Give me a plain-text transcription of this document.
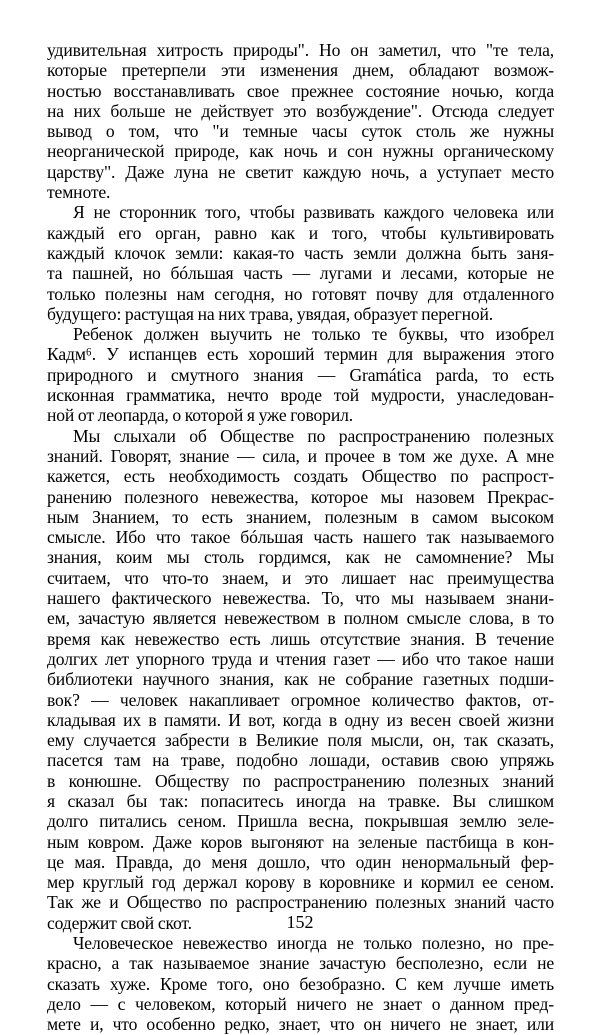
удивительная хитрость природы". Но он заметил, что "те тела,
которые претерпели эти изменения днем, обладают возмож-
ностью восстанавливать свое прежнее состояние ночью, когда
на них больше не действует это возбуждение". Отсюда следует
вывод о том, что "и темные часы суток столь же нужны
неорганической природе, как ночь и сон нужны органическому
царству". Даже луна не светит каждую ночь, а уступает место
темноте.
Я не сторонник того, чтобы развивать каждого человека или
каждый его орган, равно как и того, чтобы культивировать
каждый клочок земли: какая-то часть земли должна быть заня-
та пашней, но бóльшая часть — лугами и лесами, которые не
только полезны нам сегодня, но готовят почву для отдаленного
будущего: растущая на них трава, увядая, образует перегной.
Ребенок должен выучить не только те буквы, что изобрел
Кадм⁶. У испанцев есть хороший термин для выражения этого
природного и смутного знания — Gramática parda, то есть
исконная грамматика, нечто вроде той мудрости, унаследован-
ной от леопарда, о которой я уже говорил.
Мы слыхали об Обществе по распространению полезных
знаний. Говорят, знание — сила, и прочее в том же духе. А мне
кажется, есть необходимость создать Общество по распрост-
ранению полезного невежества, которое мы назовем Прекрас-
ным Знанием, то есть знанием, полезным в самом высоком
смысле. Ибо что такое бóльшая часть нашего так называемого
знания, коим мы столь гордимся, как не самомнение? Мы
считаем, что что-то знаем, и это лишает нас преимущества
нашего фактического невежества. То, что мы называем знани-
ем, зачастую является невежеством в полном смысле слова, в то
время как невежество есть лишь отсутствие знания. В течение
долгих лет упорного труда и чтения газет — ибо что такое наши
библиотеки научного знания, как не собрание газетных подши-
вок? — человек накапливает огромное количество фактов, от-
кладывая их в памяти. И вот, когда в одну из весен своей жизни
ему случается забрести в Великие поля мысли, он, так сказать,
пасется там на траве, подобно лошади, оставив свою упряжь
в конюшне. Обществу по распространению полезных знаний
я сказал бы так: попаситесь иногда на травке. Вы слишком
долго питались сеном. Пришла весна, покрывшая землю зеле-
ным ковром. Даже коров выгоняют на зеленые пастбища в кон-
це мая. Правда, до меня дошло, что один ненормальный фер-
мер круглый год держал корову в коровнике и кормил ее сеном.
Так же и Общество по распространению полезных знаний часто
содержит свой скот.
Человеческое невежество иногда не только полезно, но пре-
красно, а так называемое знание зачастую бесполезно, если не
сказать хуже. Кроме того, оно безобразно. С кем лучше иметь
дело — с человеком, который ничего не знает о данном пред-
мете и, что особенно редко, знает, что он ничего не знает, или
152
